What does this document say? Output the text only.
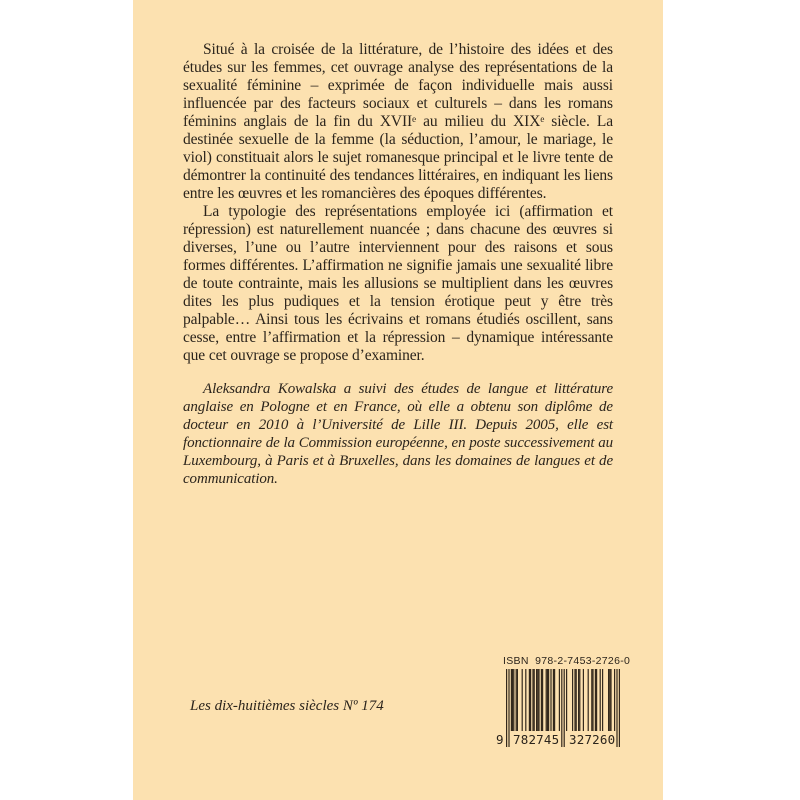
Situé à la croisée de la littérature, de l’histoire des idées et des études sur les femmes, cet ouvrage analyse des représentations de la sexualité féminine – exprimée de façon individuelle mais aussi influencée par des facteurs sociaux et culturels – dans les romans féminins anglais de la fin du XVIIᵉ au milieu du XIXᵉ siècle. La destinée sexuelle de la femme (la séduction, l’amour, le mariage, le viol) constituait alors le sujet romanesque principal et le livre tente de démontrer la continuité des tendances littéraires, en indiquant les liens entre les œuvres et les romancières des époques différentes.

La typologie des représentations employée ici (affirmation et répression) est naturellement nuancée ; dans chacune des œuvres si diverses, l’une ou l’autre interviennent pour des raisons et sous formes différentes. L’affirmation ne signifie jamais une sexualité libre de toute contrainte, mais les allusions se multiplient dans les œuvres dites les plus pudiques et la tension érotique peut y être très palpable… Ainsi tous les écrivains et romans étudiés oscillent, sans cesse, entre l’affirmation et la répression – dynamique intéressante que cet ouvrage se propose d’examiner.

Aleksandra Kowalska a suivi des études de langue et littérature anglaise en Pologne et en France, où elle a obtenu son diplôme de docteur en 2010 à l’Université de Lille III. Depuis 2005, elle est fonctionnaire de la Commission européenne, en poste successivement au Luxembourg, à Paris et à Bruxelles, dans les domaines de langues et de communication.

Les dix-huitièmes siècles Nº 174
ISBN  978-2-7453-2726-0
9 782745 327260
